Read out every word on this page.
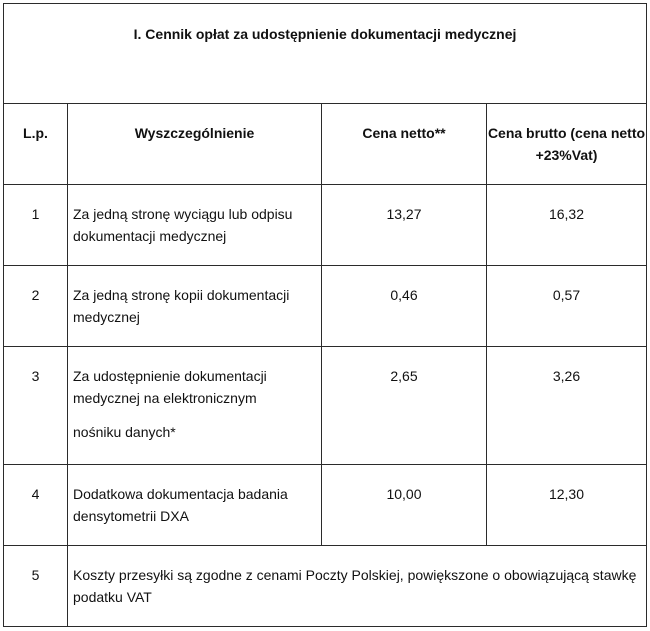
I. Cennik opłat za udostępnienie dokumentacji medycznej			

L.p.	Wyszczególnienie	Cena netto**	Cena brutto (cena netto +23%Vat)

1	Za jedną stronę wyciągu lub odpisu dokumentacji medycznej	13,27	16,32

2	Za jedną stronę kopii dokumentacji medycznej	0,46	0,57

3	Za udostępnienie dokumentacji medycznej na elektronicznym
nośniku danych*	2,65	3,26

4	Dodatkowa dokumentacja badania densytometrii DXA	10,00	12,30

5	Koszty przesyłki są zgodne z cenami Poczty Polskiej, powiększone o obowiązującą stawkę podatku VAT		
